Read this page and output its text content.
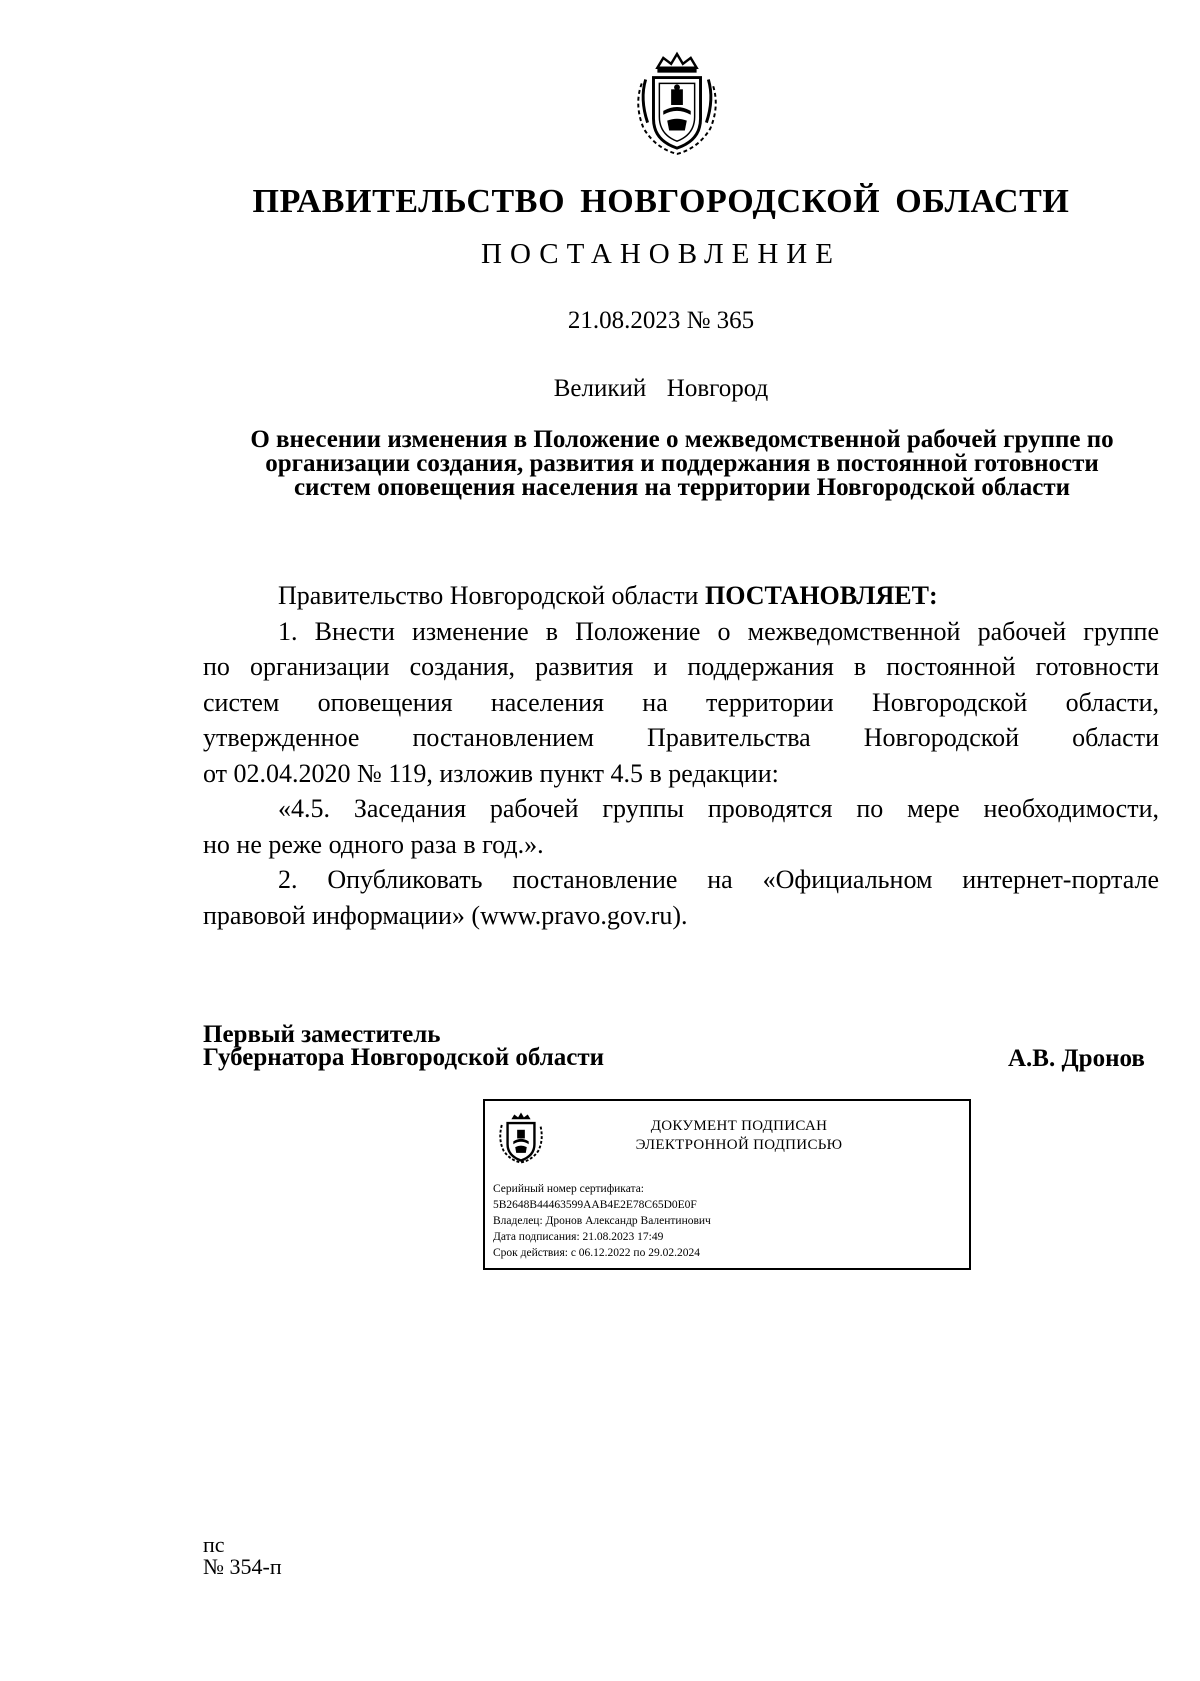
ПРАВИТЕЛЬСТВО НОВГОРОДСКОЙ ОБЛАСТИ
ПОСТАНОВЛЕНИЕ
21.08.2023 № 365
Великий  Новгород
О внесении изменения в Положение о межведомственной рабочей группе по
организации создания, развития и поддержания в постоянной готовности
систем оповещения населения на территории Новгородской области

Правительство Новгородской области ПОСТАНОВЛЯЕТ:

1. Внести изменение в Положение о межведомственной рабочей группе

по организации создания, развития и поддержания в постоянной готовности

систем оповещения населения на территории Новгородской области,

утвержденное постановлением Правительства Новгородской области

от 02.04.2020 № 119, изложив пункт 4.5 в редакции:

«4.5. Заседания рабочей группы проводятся по мере необходимости,

но не реже одного раза в год.».

2. Опубликовать постановление на «Официальном интернет-портале

правовой информации» (www.pravo.gov.ru).

Первый заместитель
Губернатора Новгородской области	А.В. Дронов
ДОКУМЕНТ ПОДПИСАН
ЭЛЕКТРОННОЙ ПОДПИСЬЮ
Серийный номер сертификата:
5B2648B44463599AAB4E2E78C65D0E0F
Владелец: Дронов Александр Валентинович
Дата подписания: 21.08.2023 17:49
Срок действия: с 06.12.2022 по 29.02.2024
пс
№ 354-п
